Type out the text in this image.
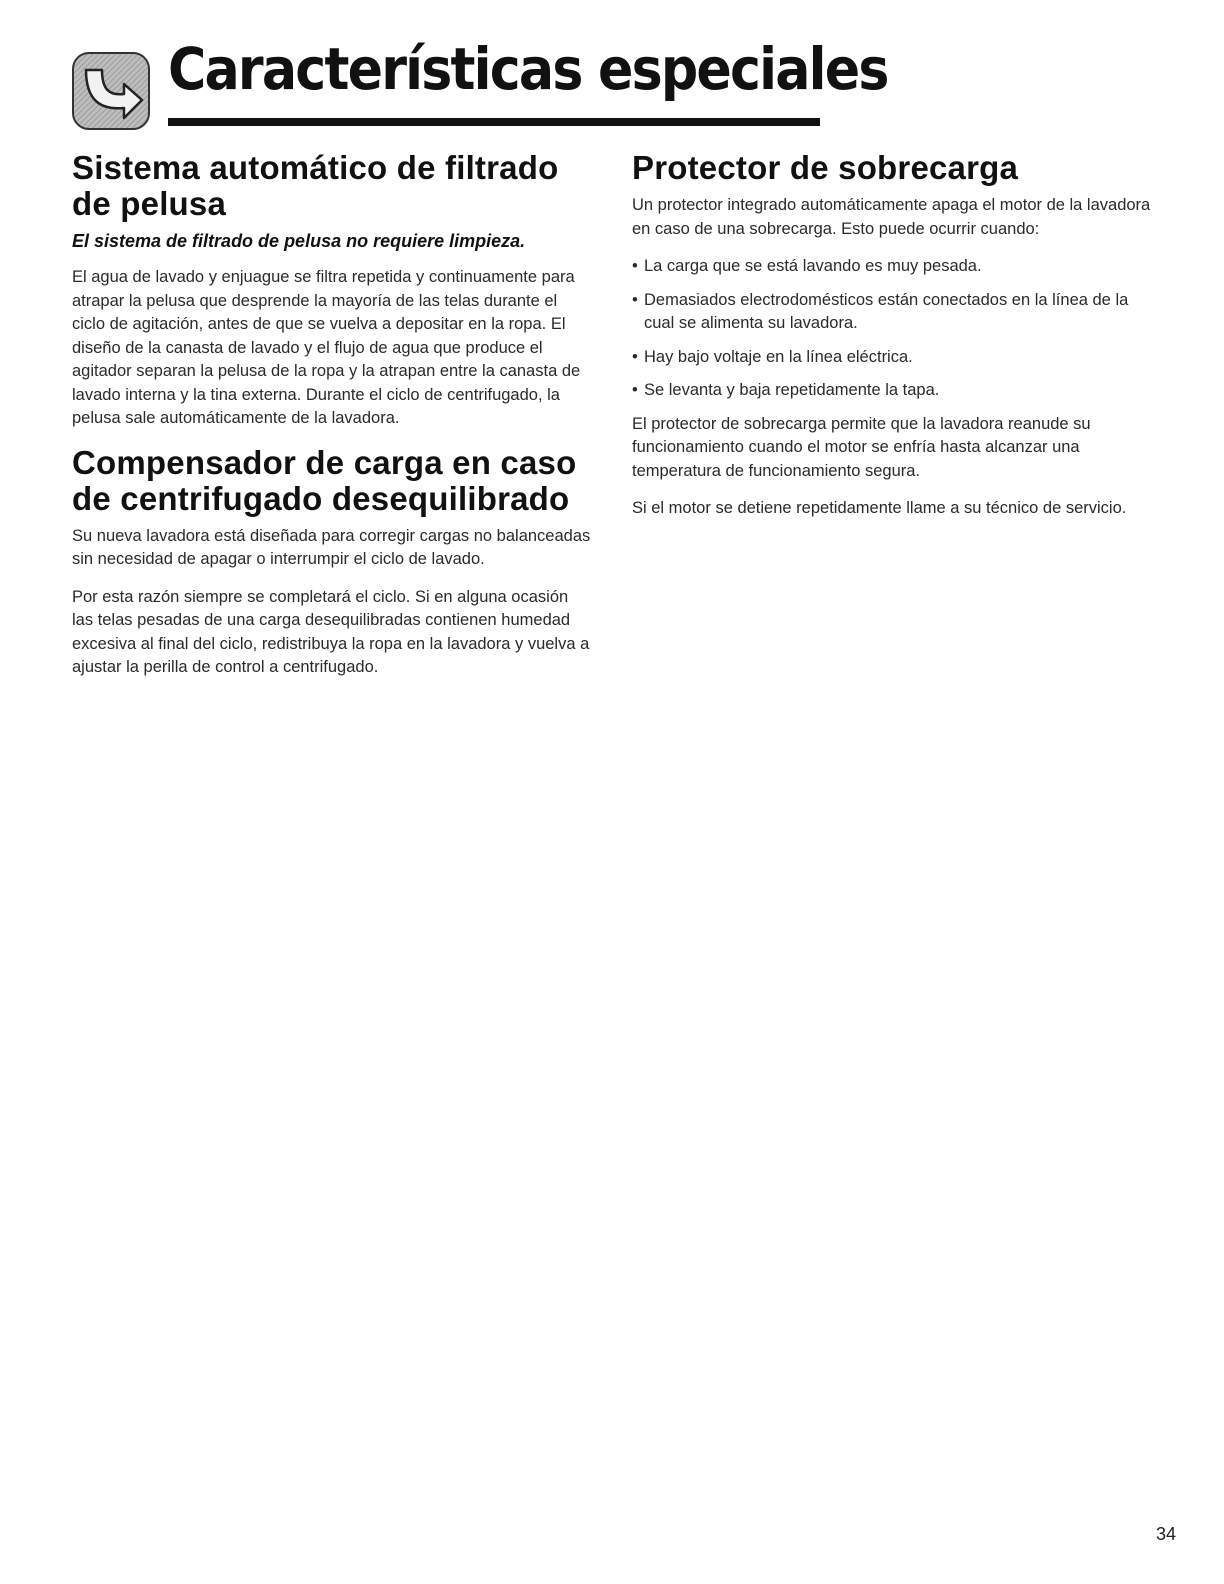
Características especiales
Sistema automático de filtrado de pelusa
El sistema de filtrado de pelusa no requiere limpieza.

El agua de lavado y enjuague se filtra repetida y continuamente para atrapar la pelusa que desprende la mayoría de las telas durante el ciclo de agitación, antes de que se vuelva a depositar en la ropa. El diseño de la canasta de lavado y el flujo de agua que produce el agitador separan la pelusa de la ropa y la atrapan entre la canasta de lavado interna y la tina externa. Durante el ciclo de centrifugado, la pelusa sale automáticamente de la lavadora.

Compensador de carga en caso de centrifugado desequilibrado

Su nueva lavadora está diseñada para corregir cargas no balanceadas sin necesidad de apagar o interrumpir el ciclo de lavado.

Por esta razón siempre se completará el ciclo. Si en alguna ocasión las telas pesadas de una carga desequilibradas contienen humedad excesiva al final del ciclo, redistribuya la ropa en la lavadora y vuelva a ajustar la perilla de control a centrifugado.

Protector de sobrecarga

Un protector integrado automáticamente apaga el motor de la lavadora en caso de una sobrecarga. Esto puede ocurrir cuando:

• La carga que se está lavando es muy pesada.
• Demasiados electrodomésticos están conectados en la línea de la cual se alimenta su lavadora.
• Hay bajo voltaje en la línea eléctrica.
• Se levanta y baja repetidamente la tapa.

El protector de sobrecarga permite que la lavadora reanude su funcionamiento cuando el motor se enfría hasta alcanzar una temperatura de funcionamiento segura.

Si el motor se detiene repetidamente llame a su técnico de servicio.

34
